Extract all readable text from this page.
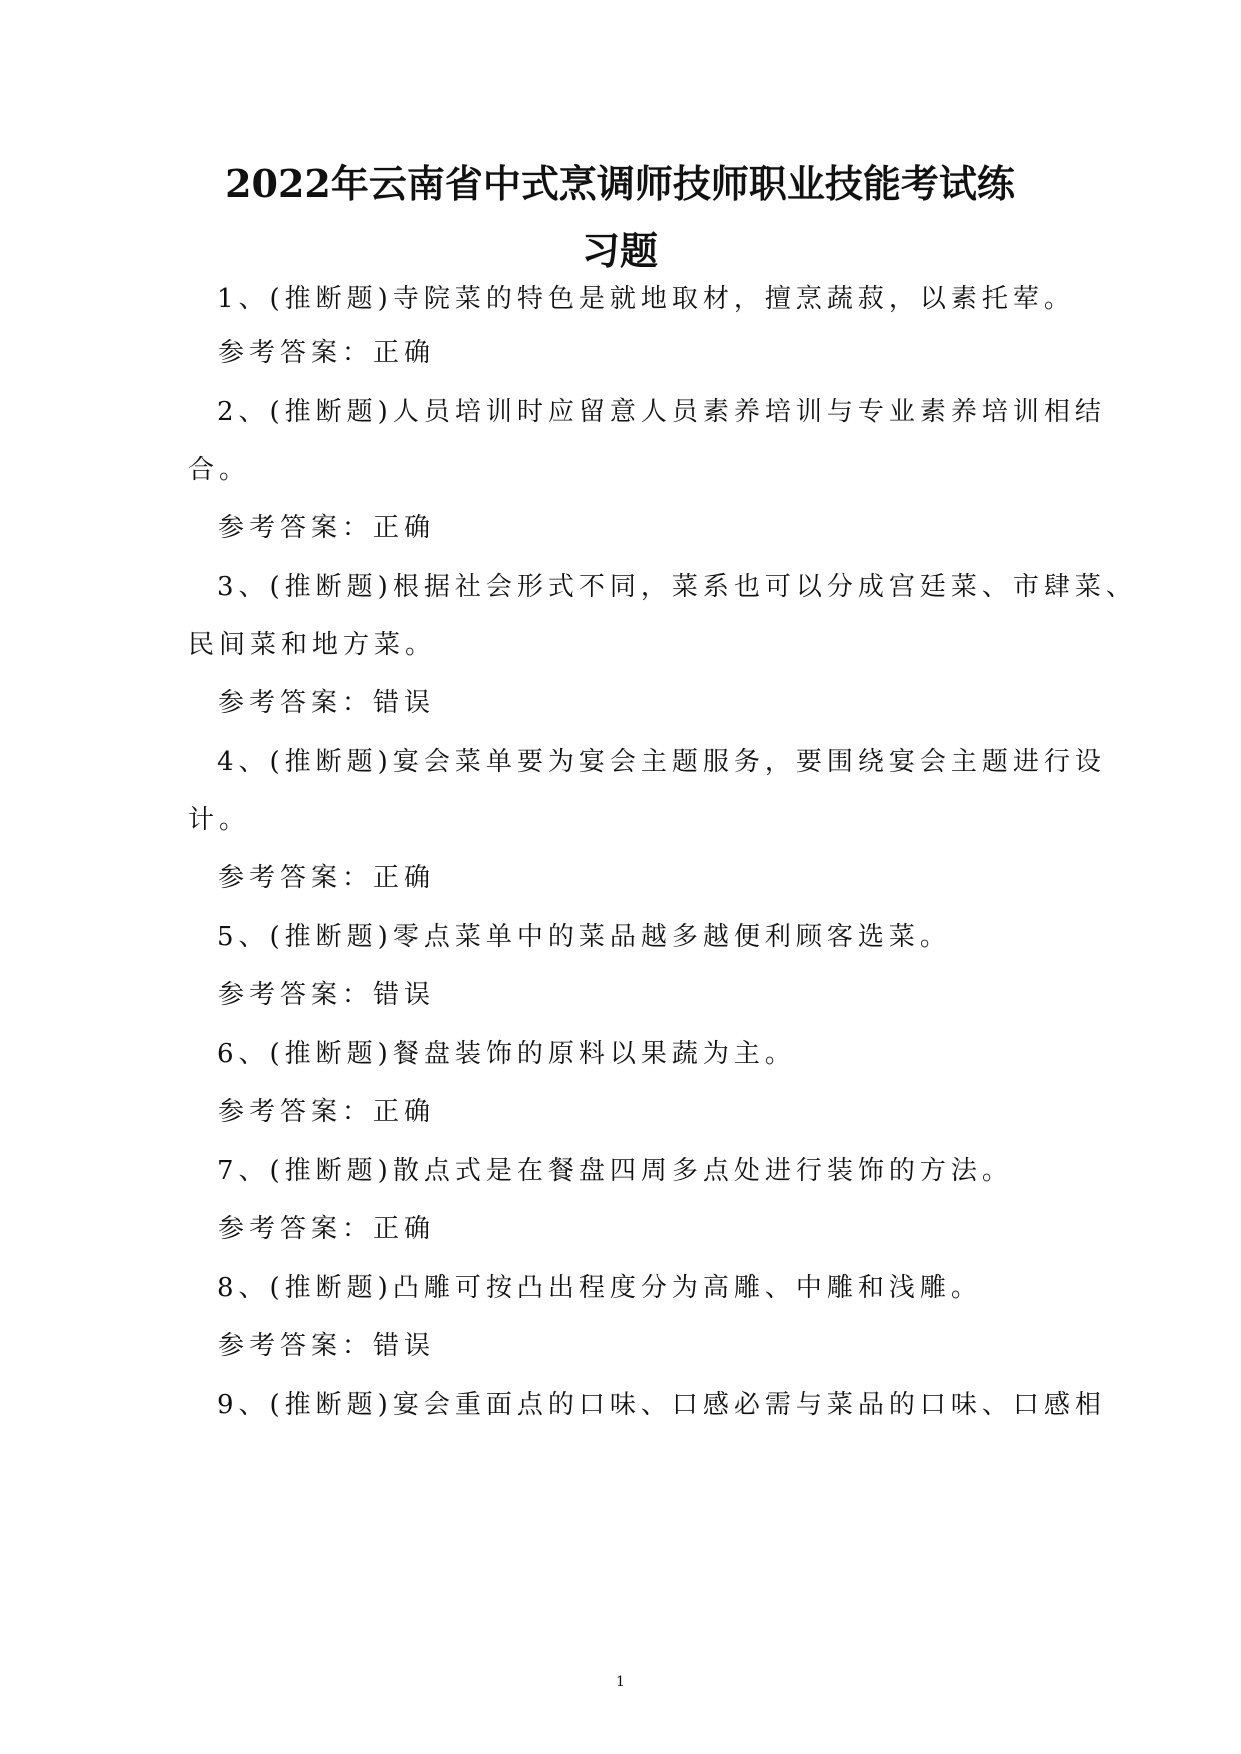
2022年云南省中式烹调师技师职业技能考试练
习题

1、(推断题)寺院菜的特色是就地取材，擅烹蔬菽，以素托荤。

参考答案：正确

2、(推断题)人员培训时应留意人员素养培训与专业素养培训相结

合。

参考答案：正确

3、(推断题)根据社会形式不同，菜系也可以分成宫廷菜、市肆菜、

民间菜和地方菜。

参考答案：错误

4、(推断题)宴会菜单要为宴会主题服务，要围绕宴会主题进行设

计。

参考答案：正确

5、(推断题)零点菜单中的菜品越多越便利顾客选菜。

参考答案：错误

6、(推断题)餐盘装饰的原料以果蔬为主。

参考答案：正确

7、(推断题)散点式是在餐盘四周多点处进行装饰的方法。

参考答案：正确

8、(推断题)凸雕可按凸出程度分为高雕、中雕和浅雕。

参考答案：错误

9、(推断题)宴会重面点的口味、口感必需与菜品的口味、口感相

1
